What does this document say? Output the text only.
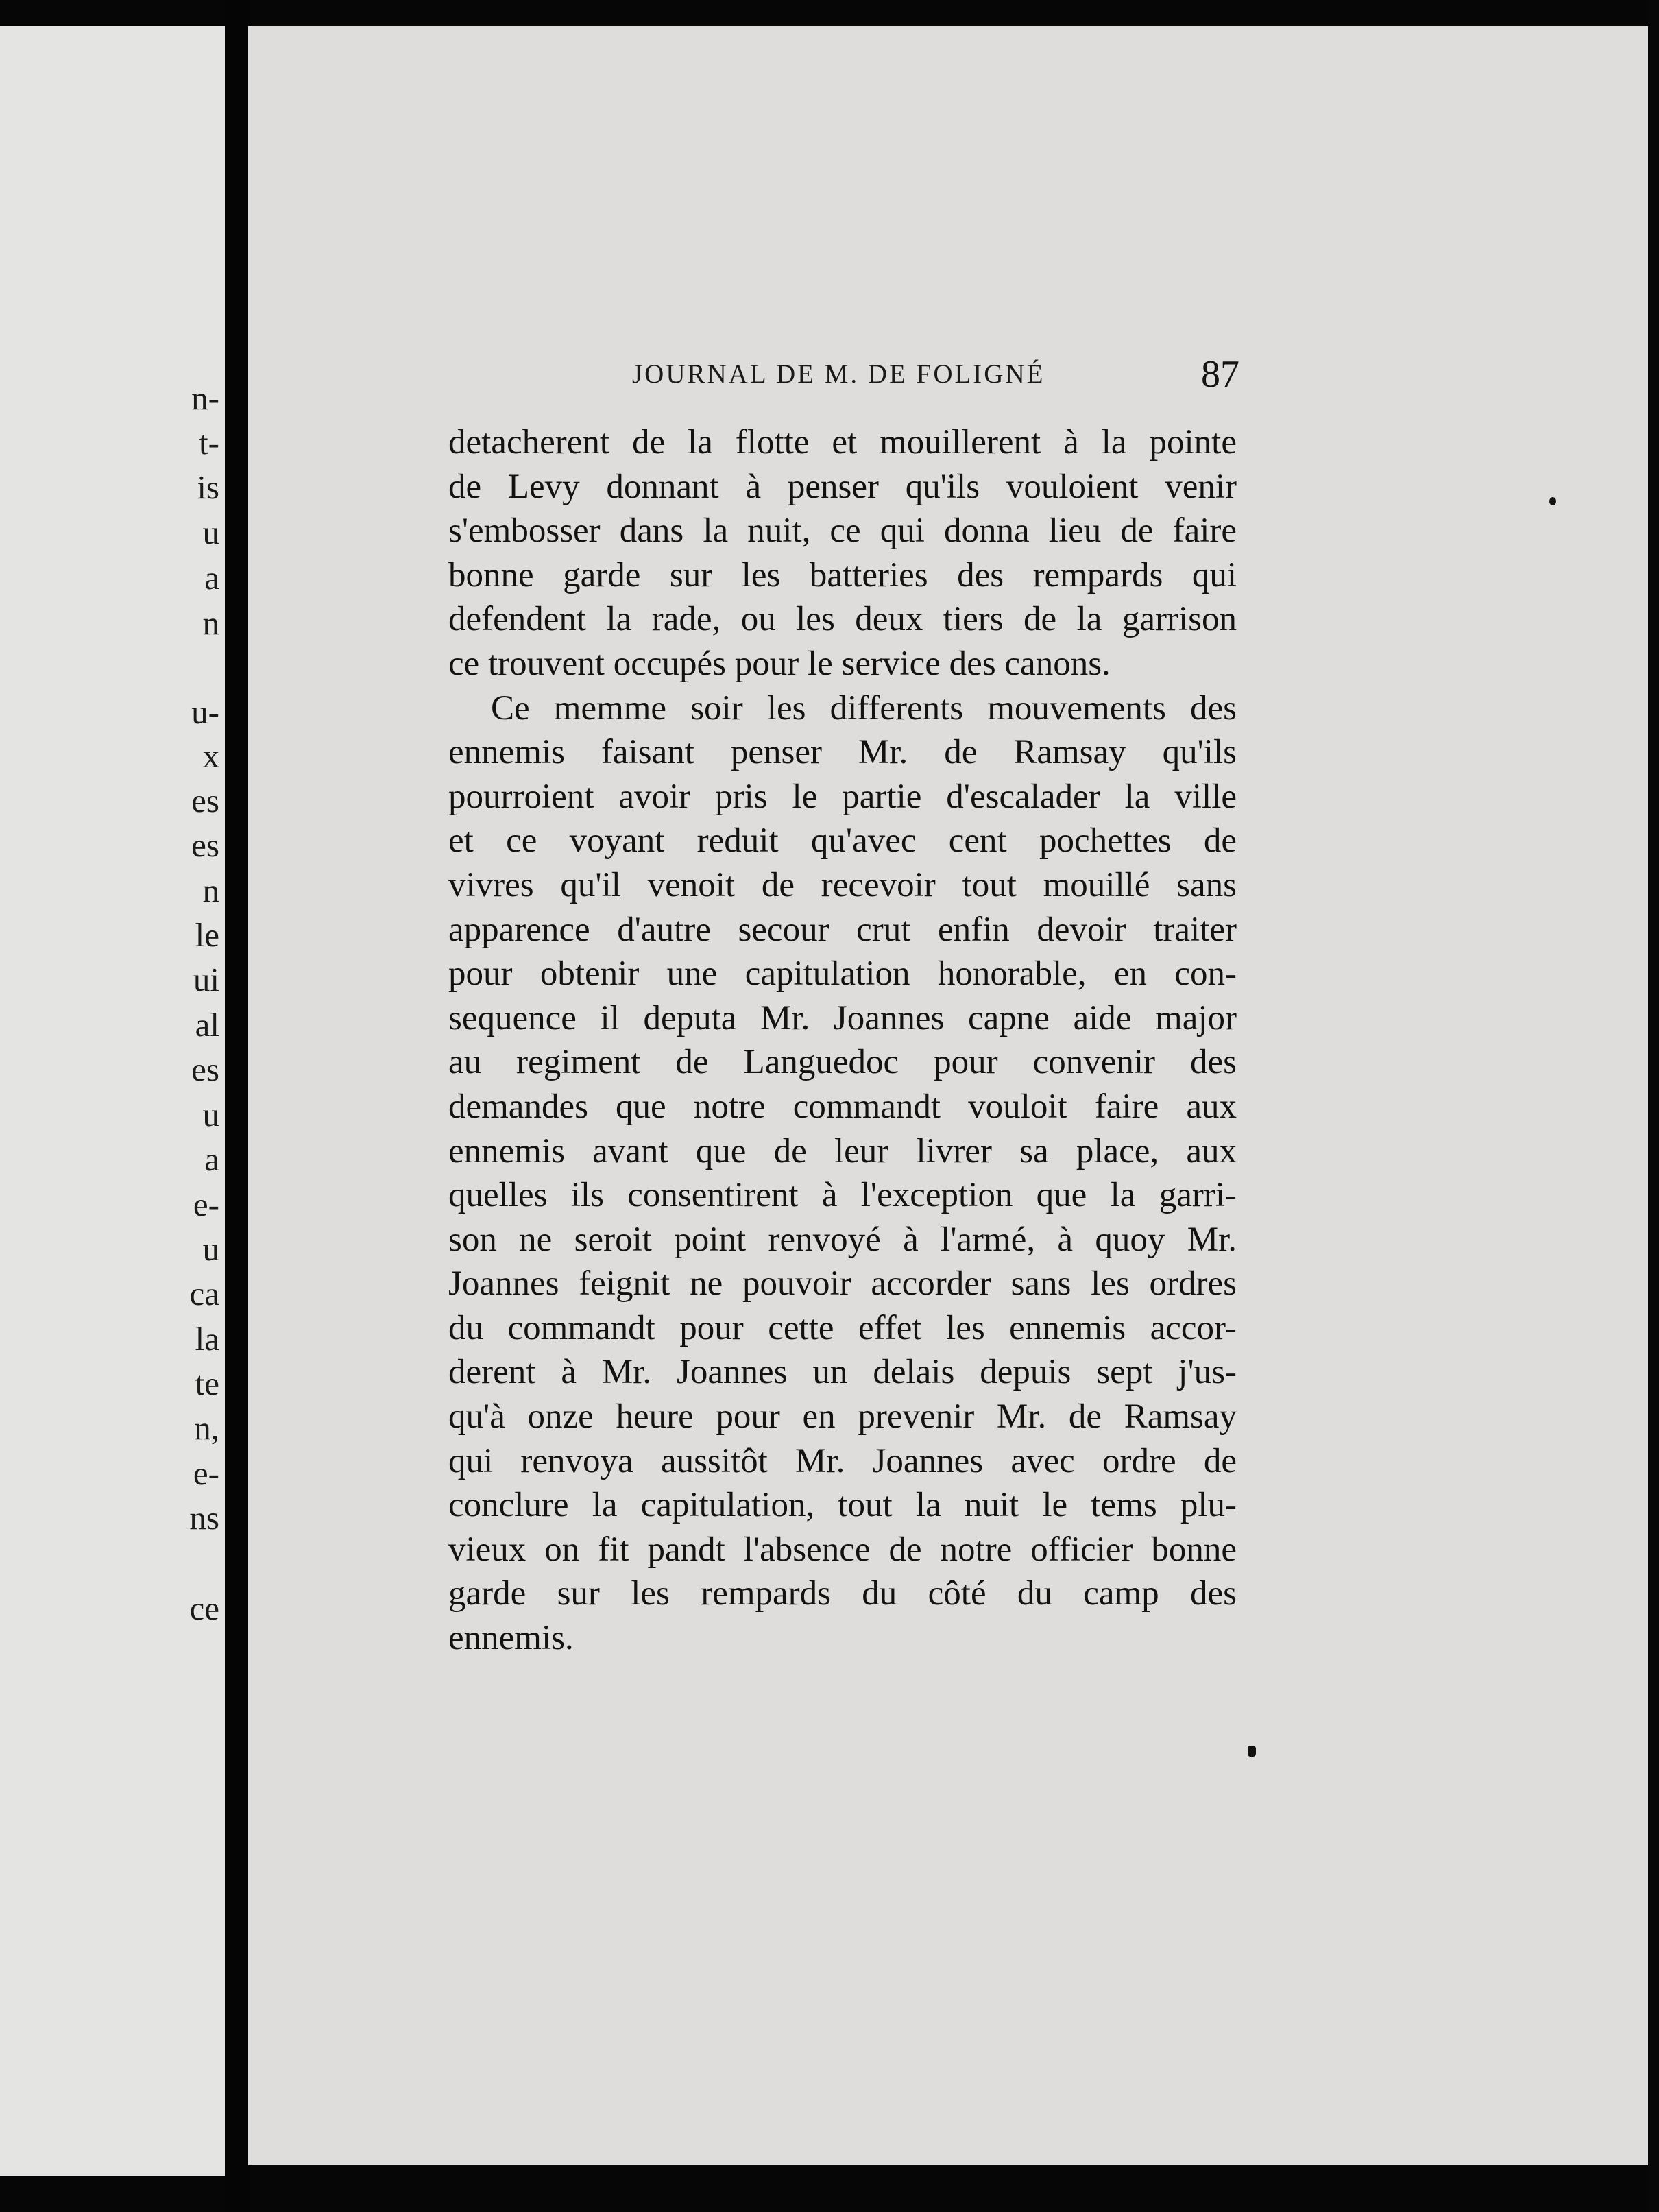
n-
t-
is
u
a
n
u-
x
es
es
n
le
ui
al
es
u
a
e-
u
ca
la
te
n,
e-
ns
ce
JOURNAL DE M. DE FOLIGNÉ	87
detacherent de la flotte et mouillerent à la pointe
de Levy donnant à penser qu'ils vouloient venir
s'embosser dans la nuit, ce qui donna lieu de faire
bonne garde sur les batteries des rempards qui
defendent la rade, ou les deux tiers de la garrison
ce trouvent occupés pour le service des canons.
Ce memme soir les differents mouvements des
ennemis faisant penser Mr. de Ramsay qu'ils
pourroient avoir pris le partie d'escalader la ville
et ce voyant reduit qu'avec cent pochettes de
vivres qu'il venoit de recevoir tout mouillé sans
apparence d'autre secour crut enfin devoir traiter
pour obtenir une capitulation honorable, en con-
sequence il deputa Mr. Joannes capne aide major
au regiment de Languedoc pour convenir des
demandes que notre commandt vouloit faire aux
ennemis avant que de leur livrer sa place, aux
quelles ils consentirent à l'exception que la garri-
son ne seroit point renvoyé à l'armé, à quoy Mr.
Joannes feignit ne pouvoir accorder sans les ordres
du commandt pour cette effet les ennemis accor-
derent à Mr. Joannes un delais depuis sept j'us-
qu'à onze heure pour en prevenir Mr. de Ramsay
qui renvoya aussitôt Mr. Joannes avec ordre de
conclure la capitulation, tout la nuit le tems plu-
vieux on fit pandt l'absence de notre officier bonne
garde sur les rempards du côté du camp des
ennemis.
